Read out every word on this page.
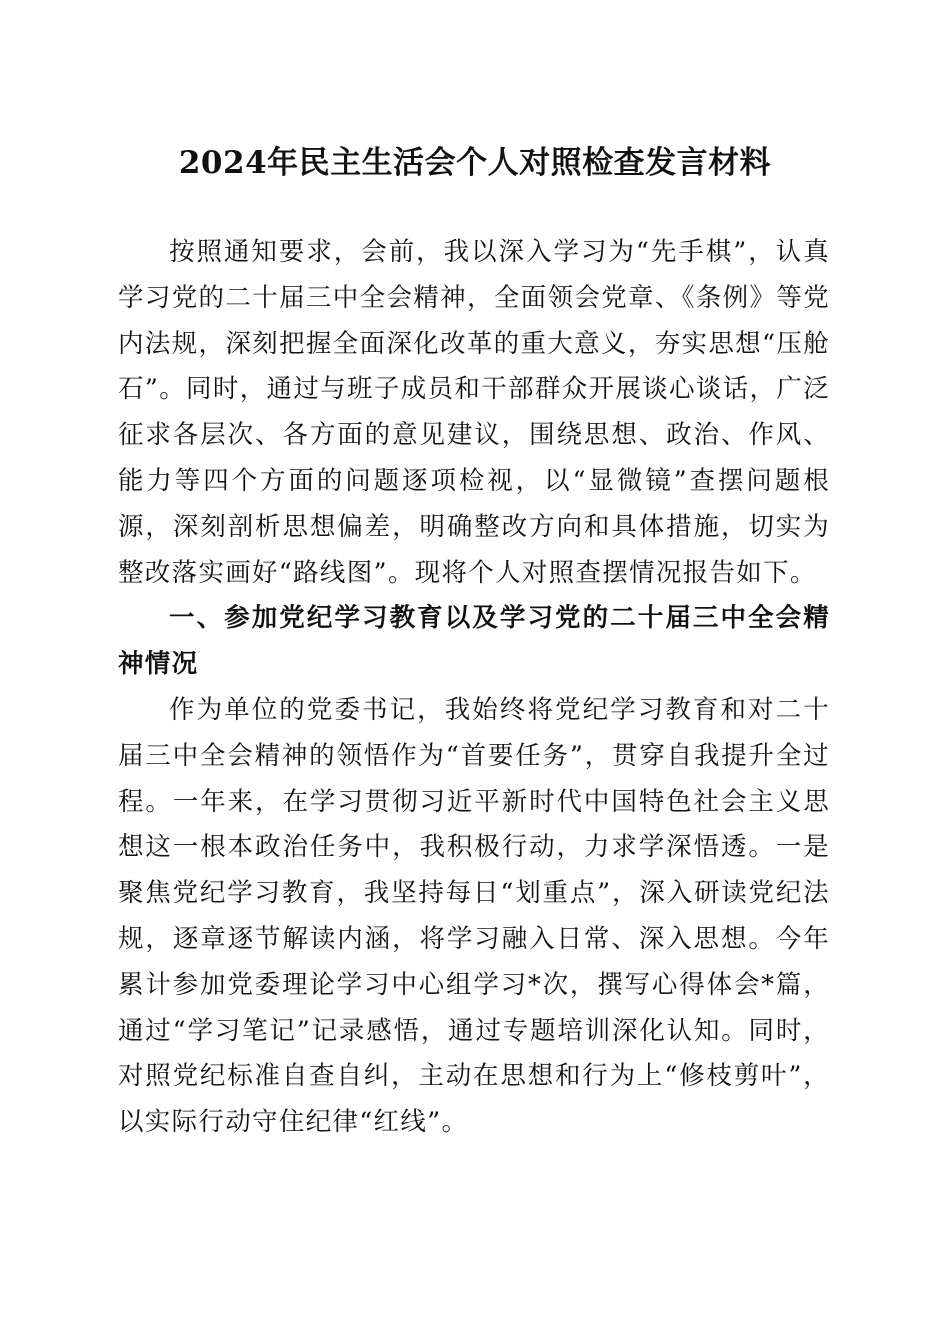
2024年民主生活会个人对照检查发言材料

按照通知要求，会前，我以深入学习为“先手棋”，认真学习党的二十届三中全会精神，全面领会党章、《条例》等党内法规，深刻把握全面深化改革的重大意义，夯实思想“压舱石”。同时，通过与班子成员和干部群众开展谈心谈话，广泛征求各层次、各方面的意见建议，围绕思想、政治、作风、能力等四个方面的问题逐项检视，以“显微镜”查摆问题根源，深刻剖析思想偏差，明确整改方向和具体措施，切实为整改落实画好“路线图”。现将个人对照查摆情况报告如下。

一、参加党纪学习教育以及学习党的二十届三中全会精神情况

作为单位的党委书记，我始终将党纪学习教育和对二十届三中全会精神的领悟作为“首要任务”，贯穿自我提升全过程。一年来，在学习贯彻习近平新时代中国特色社会主义思想这一根本政治任务中，我积极行动，力求学深悟透。一是聚焦党纪学习教育，我坚持每日“划重点”，深入研读党纪法规，逐章逐节解读内涵，将学习融入日常、深入思想。今年累计参加党委理论学习中心组学习*次，撰写心得体会*篇，通过“学习笔记”记录感悟，通过专题培训深化认知。同时，对照党纪标准自查自纠，主动在思想和行为上“修枝剪叶”，以实际行动守住纪律“红线”。
